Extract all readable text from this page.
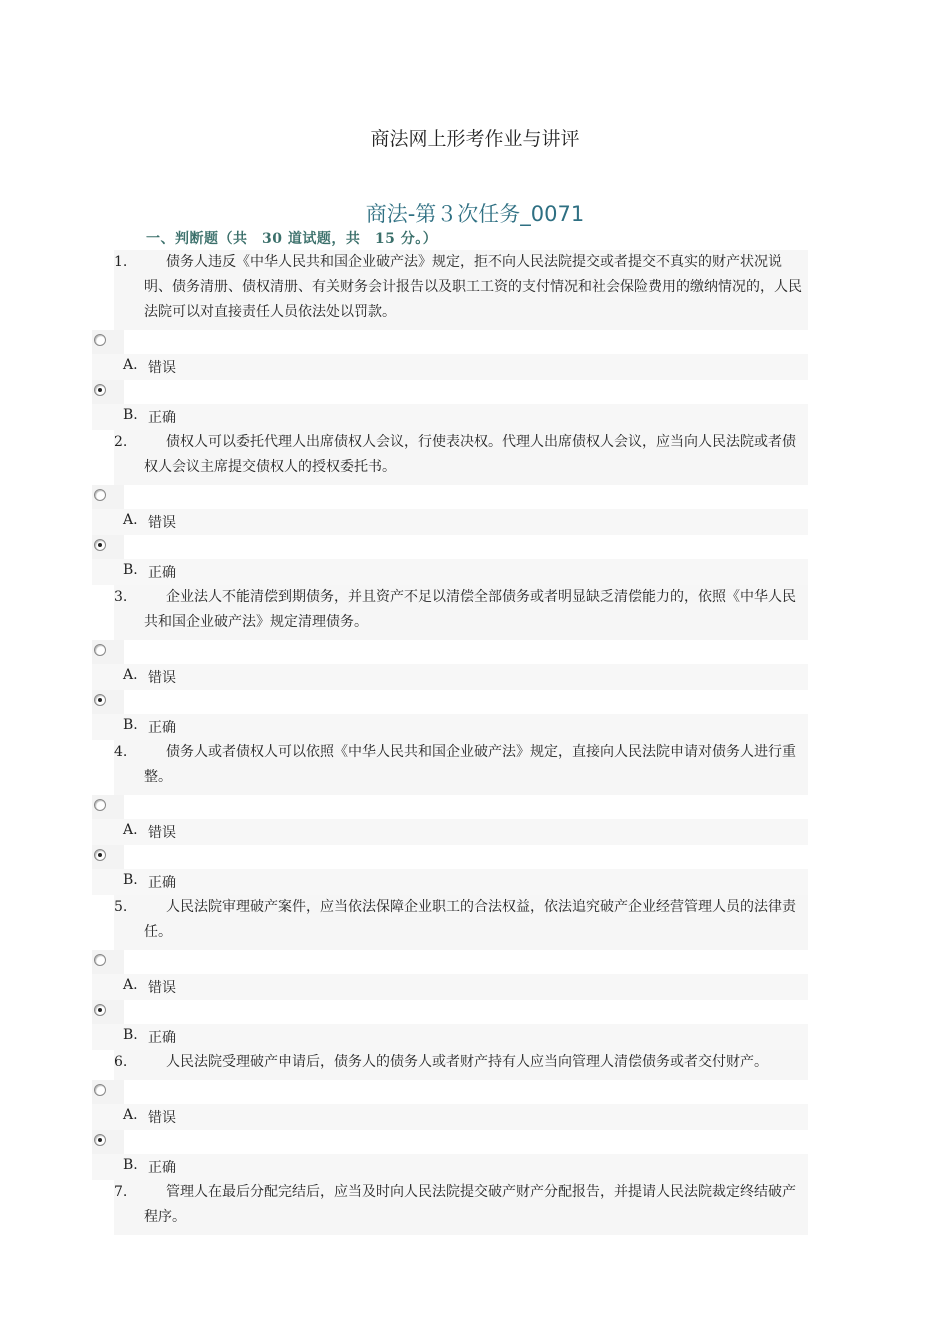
商法网上形考作业与讲评
商法-第３次任务_0071
一、判断题（共　30 道试题，共　15 分。）
1.	债务人违反《中华人民共和国企业破产法》规定，拒不向人民法院提交或者提交不真实的财产状况说明、债务清册、债权清册、有关财务会计报告以及职工工资的支付情况和社会保险费用的缴纳情况的，人民法院可以对直接责任人员依法处以罚款。
A. 错误
B. 正确
2.	债权人可以委托代理人出席债权人会议，行使表决权。代理人出席债权人会议，应当向人民法院或者债权人会议主席提交债权人的授权委托书。
A. 错误
B. 正确
3.	企业法人不能清偿到期债务，并且资产不足以清偿全部债务或者明显缺乏清偿能力的，依照《中华人民共和国企业破产法》规定清理债务。
A. 错误
B. 正确
4.	债务人或者债权人可以依照《中华人民共和国企业破产法》规定，直接向人民法院申请对债务人进行重整。
A. 错误
B. 正确
5.	人民法院审理破产案件，应当依法保障企业职工的合法权益，依法追究破产企业经营管理人员的法律责任。
A. 错误
B. 正确
6.	人民法院受理破产申请后，债务人的债务人或者财产持有人应当向管理人清偿债务或者交付财产。
A. 错误
B. 正确
7.	管理人在最后分配完结后，应当及时向人民法院提交破产财产分配报告，并提请人民法院裁定终结破产程序。
